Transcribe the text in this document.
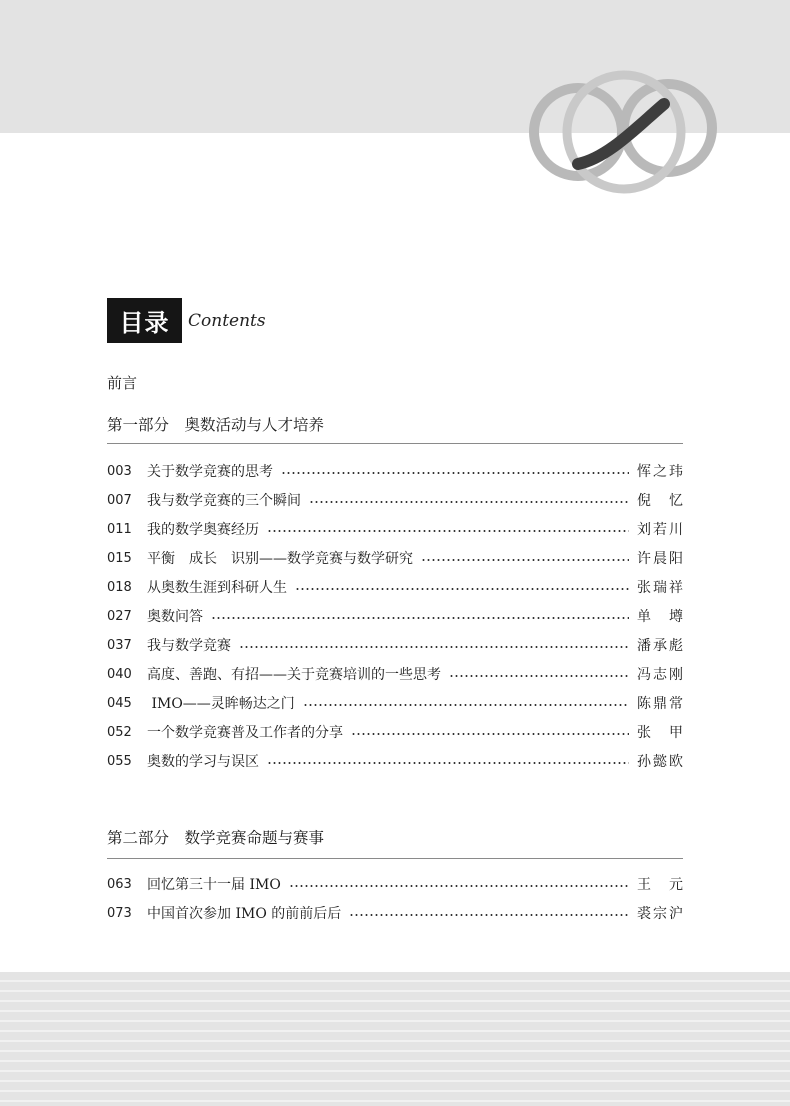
目录	Contents
前言
第一部分　奥数活动与人才培养
003	关于数学竞赛的思考	恽之玮
007	我与数学竞赛的三个瞬间	倪　忆
011	我的数学奥赛经历	刘若川
015	平衡　成长　识别——数学竞赛与数学研究	许晨阳
018	从奥数生涯到科研人生	张瑞祥
027	奥数问答	单　墫
037	我与数学竞赛	潘承彪
040	高度、善跑、有招——关于竞赛培训的一些思考	冯志刚
045	IMO——灵眸畅达之门	陈鼎常
052	一个数学竞赛普及工作者的分享	张　甲
055	奥数的学习与误区	孙懿欧
第二部分　数学竞赛命题与赛事
063	回忆第三十一届 IMO	王　元
073	中国首次参加 IMO 的前前后后	裘宗沪
